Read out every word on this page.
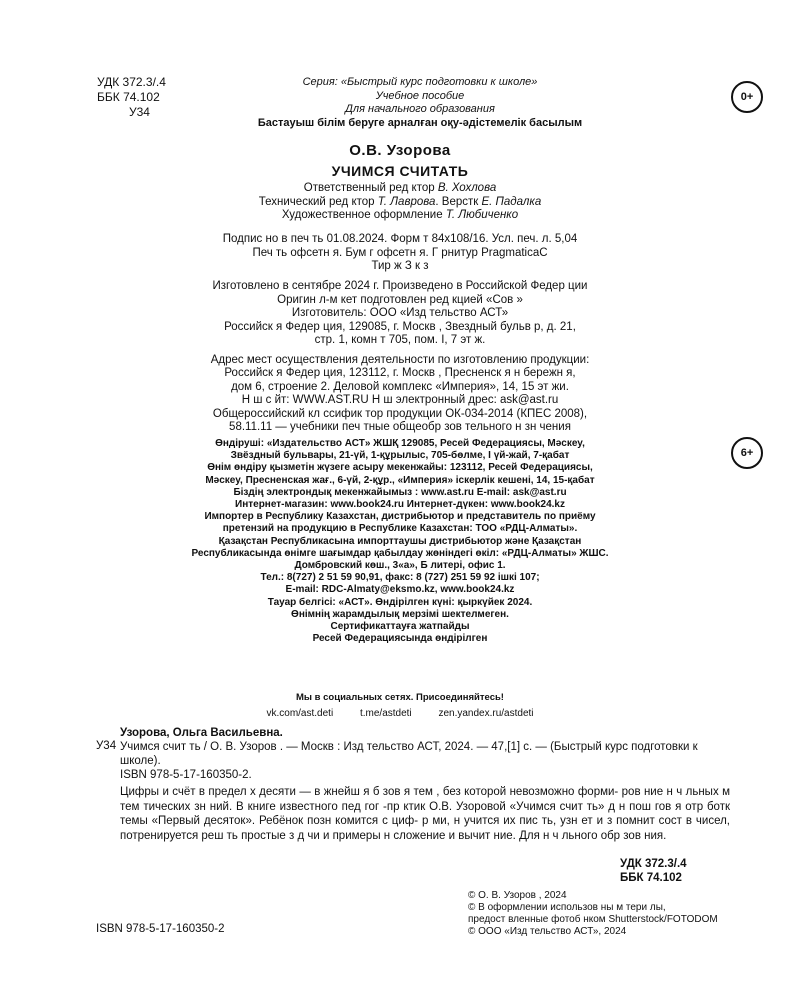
УДК 372.3/.4
ББК 74.102
У34
Серия: «Быстрый курс подготовки к школе»
Учебное пособие
Для начального образования
Бастауыш білім беруге арналған оқу-әдістемелік басылым
0+
О.В. Узорова
УЧИМСЯ СЧИТАТЬ
Ответственный ред ктор В. Хохлова
Технический ред ктор Т. Лаврова. Верстк Е. Падалка
Художественное оформление Т. Любиченко
Подпис но в печ ть 01.08.2024. Форм т 84x108/16. Усл. печ. л. 5,04
Печ ть офсетн я. Бум г офсетн я. Г рнитур PragmaticaC
Тир ж З к з
Изготовлено в сентябре 2024 г. Произведено в Российской Федер ции
Оригин л-м кет подготовлен ред кцией «Сов »
Изготовитель: ООО «Изд тельство АСТ»
Российск я Федер ция, 129085, г. Москв , Звездный бульв р, д. 21,
стр. 1, комн т 705, пом. I, 7 эт ж.
Адрес мест осуществления деятельности по изготовлению продукции:
Российск я Федер ция, 123112, г. Москв , Пресненск я н бережн я,
дом 6, строение 2. Деловой комплекс «Империя», 14, 15 эт жи.
Н ш с йт: WWW.AST.RU Н ш электронный дрес: ask@ast.ru
Общероссийский кл ссифик тор продукции ОК-034-2014 (КПЕС 2008),
58.11.11 — учебники печ тные общеобр зов тельного н зн чения
6+
Өндіруші: «Издательство АСТ» ЖШҚ 129085, Ресей Федерациясы, Мәскеу,
Звёздный бульвары, 21-үй, 1-құрылыс, 705-бөлме, I үй-жай, 7-қабат
Өнім өндіру қызметін жүзеге асыру мекенжайы: 123112, Ресей Федерациясы,
Мәскеу, Пресненская жағ., 6-үй, 2-құр., «Империя» іскерлік кешені, 14, 15-қабат
Біздің электрондық мекенжайымыз : www.ast.ru E-mail: ask@ast.ru
Интернет-магазин: www.book24.ru Интернет-дүкен: www.book24.kz
Импортер в Республику Казахстан, дистрибьютор и представитель по приёму
претензий на продукцию в Республике Казахстан: ТОО «РДЦ-Алматы».
Қазақстан Республикасына импорттаушы дистрибьютор және Қазақстан
Республикасында өнімге шағымдар қабылдау жөніндегі өкіл: «РДЦ-Алматы» ЖШС.
Домбровский көш., 3«а», Б литері, офис 1.
Тел.: 8(727) 2 51 59 90,91, факс: 8 (727) 251 59 92 ішкі 107;
E-mail: RDC-Almaty@eksmo.kz, www.book24.kz
Тауар белгісі: «АСТ». Өндірілген күні: қыркүйек 2024.
Өнімнің жарамдылық мерзімі шектелмеген.
Сертификаттауға жатпайды
Ресей Федерациясында өндірілген
Мы в социальных сетях. Присоединяйтесь!
vk.com/ast.deti	t.me/astdeti	zen.yandex.ru/astdeti
Узорова, Ольга Васильевна.
Учимся счит ть / О. В. Узоров . — Москв : Изд тельство АСТ, 2024. — 47,[1] с. — (Быстрый курс подготовки к школе).
ISBN 978-5-17-160350-2.
У34
Цифры и счёт в предел х десяти — в жнейш я б зов я тем , без которой невозможно форми- ров ние н ч льных м тем тических зн ний. В книге известного пед гог -пр ктик О.В. Узоровой «Учимся счит ть» д н пош гов я отр ботк темы «Первый десяток». Ребёнок позн комится с циф- р ми, н учится их пис ть, узн ет и з помнит сост в чисел, потренируется реш ть простые з д чи и примеры н сложение и вычит ние. Для н ч льного обр зов ния.
УДК 372.3/.4
ББК 74.102
© О. В. Узоров , 2024
© В оформлении использов ны м тери лы,
предост вленные фотоб нком Shutterstock/FOTODOM
© ООО «Изд тельство АСТ», 2024
ISBN 978-5-17-160350-2
